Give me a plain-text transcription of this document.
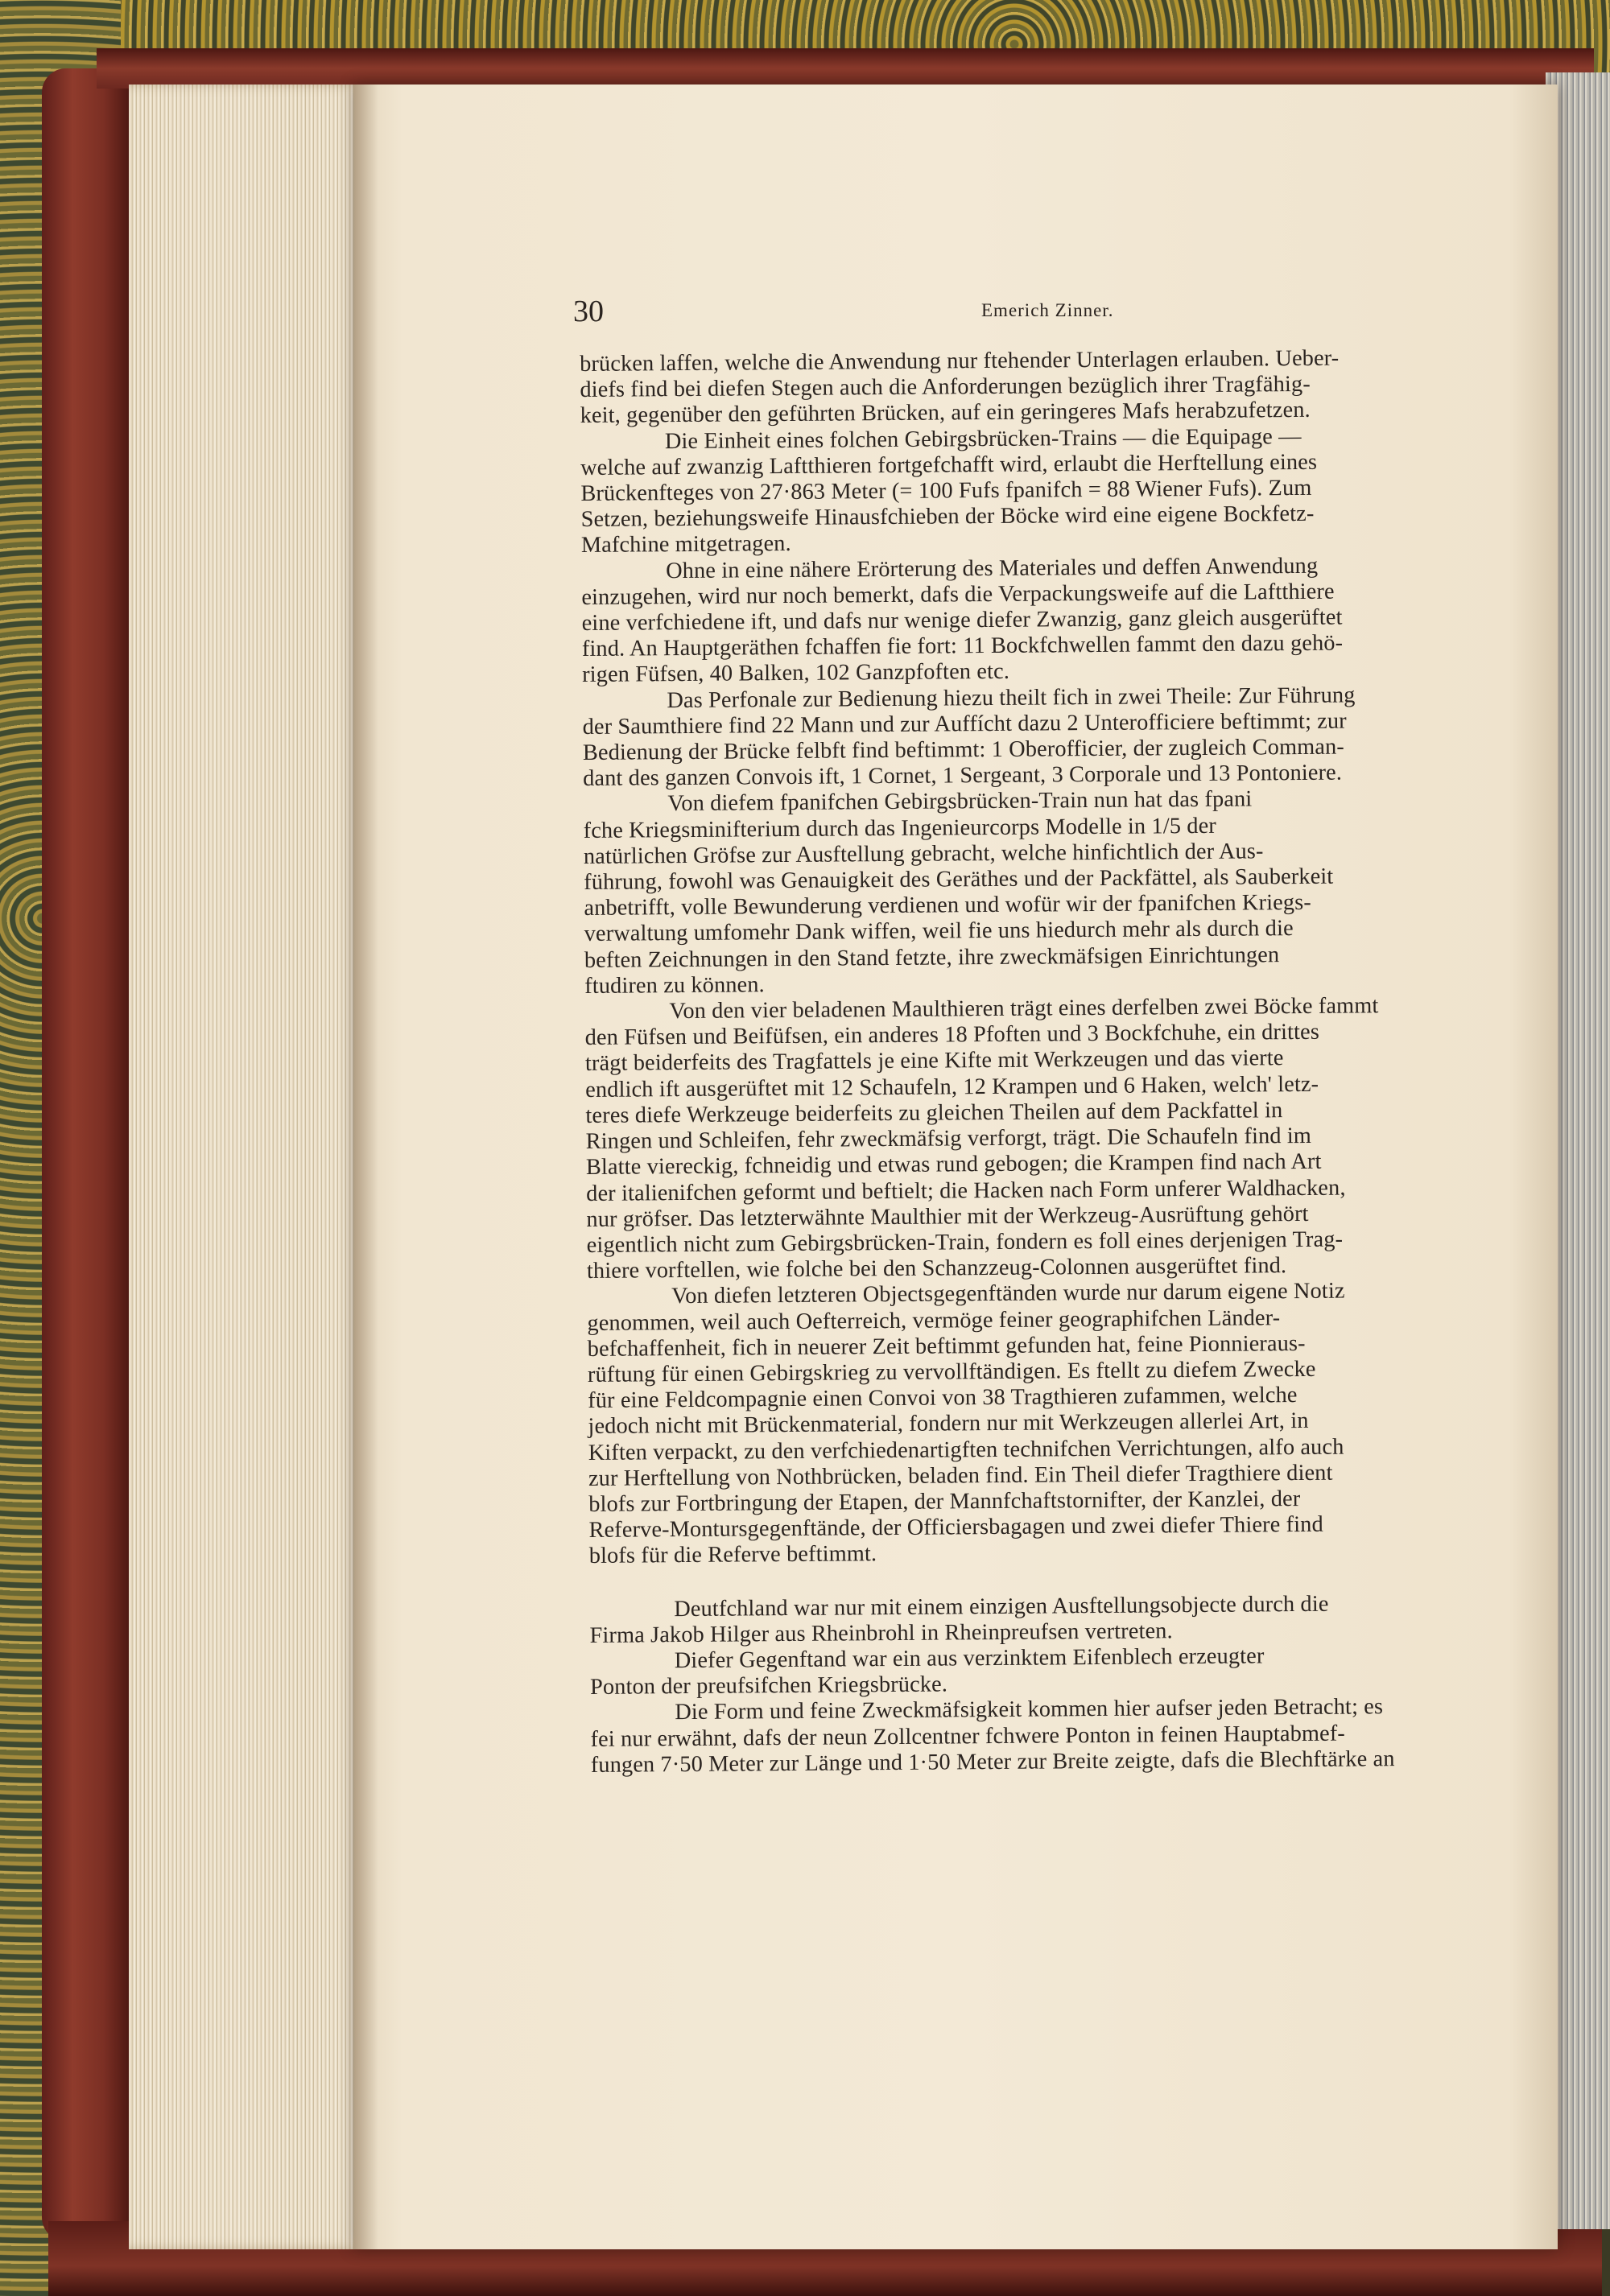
30	Emerich Zinner.
brücken laffen, welche die Anwendung nur ftehender Unterlagen erlauben. Ueber-
diefs find bei diefen Stegen auch die Anforderungen bezüglich ihrer Tragfähig-
keit, gegenüber den geführten Brücken, auf ein geringeres Mafs herabzufetzen.
Die Einheit eines folchen Gebirgsbrücken-Trains — die Equipage —
welche auf zwanzig Laftthieren fortgefchafft wird, erlaubt die Herftellung eines
Brückenfteges von 27·863 Meter (= 100 Fufs fpanifch = 88 Wiener Fufs). Zum
Setzen, beziehungsweife Hinausfchieben der Böcke wird eine eigene Bockfetz-
Mafchine mitgetragen.
Ohne in eine nähere Erörterung des Materiales und deffen Anwendung
einzugehen, wird nur noch bemerkt, dafs die Verpackungsweife auf die Laftthiere
eine verfchiedene ift, und dafs nur wenige diefer Zwanzig, ganz gleich ausgerüftet
find. An Hauptgeräthen fchaffen fie fort: 11 Bockfchwellen fammt den dazu gehö-
rigen Füfsen, 40 Balken, 102 Ganzpfoften etc.
Das Perfonale zur Bedienung hiezu theilt fich in zwei Theile: Zur Führung
der Saumthiere find 22 Mann und zur Auffícht dazu 2 Unterofficiere beftimmt; zur
Bedienung der Brücke felbft find beftimmt: 1 Oberofficier, der zugleich Comman-
dant des ganzen Convois ift, 1 Cornet, 1 Sergeant, 3 Corporale und 13 Pontoniere.
Von diefem fpanifchen Gebirgsbrücken-Train nun hat das fpani
fche Kriegsminifterium durch das Ingenieurcorps Modelle in 1/5 der
natürlichen Gröfse zur Ausftellung gebracht, welche hinfichtlich der Aus-
führung, fowohl was Genauigkeit des Geräthes und der Packfättel, als Sauberkeit
anbetrifft, volle Bewunderung verdienen und wofür wir der fpanifchen Kriegs-
verwaltung umfomehr Dank wiffen, weil fie uns hiedurch mehr als durch die
beften Zeichnungen in den Stand fetzte, ihre zweckmäfsigen Einrichtungen
ftudiren zu können.
Von den vier beladenen Maulthieren trägt eines derfelben zwei Böcke fammt
den Füfsen und Beifüfsen, ein anderes 18 Pfoften und 3 Bockfchuhe, ein drittes
trägt beiderfeits des Tragfattels je eine Kifte mit Werkzeugen und das vierte
endlich ift ausgerüftet mit 12 Schaufeln, 12 Krampen und 6 Haken, welch' letz-
teres diefe Werkzeuge beiderfeits zu gleichen Theilen auf dem Packfattel in
Ringen und Schleifen, fehr zweckmäfsig verforgt, trägt. Die Schaufeln find im
Blatte viereckig, fchneidig und etwas rund gebogen; die Krampen find nach Art
der italienifchen geformt und beftielt; die Hacken nach Form unferer Waldhacken,
nur gröfser. Das letzterwähnte Maulthier mit der Werkzeug-Ausrüftung gehört
eigentlich nicht zum Gebirgsbrücken-Train, fondern es foll eines derjenigen Trag-
thiere vorftellen, wie folche bei den Schanzzeug-Colonnen ausgerüftet find.
Von diefen letzteren Objectsgegenftänden wurde nur darum eigene Notiz
genommen, weil auch Oefterreich, vermöge feiner geographifchen Länder-
befchaffenheit, fich in neuerer Zeit beftimmt gefunden hat, feine Pionnieraus-
rüftung für einen Gebirgskrieg zu vervollftändigen. Es ftellt zu diefem Zwecke
für eine Feldcompagnie einen Convoi von 38 Tragthieren zufammen, welche
jedoch nicht mit Brückenmaterial, fondern nur mit Werkzeugen allerlei Art, in
Kiften verpackt, zu den verfchiedenartigften technifchen Verrichtungen, alfo auch
zur Herftellung von Nothbrücken, beladen find. Ein Theil diefer Tragthiere dient
blofs zur Fortbringung der Etapen, der Mannfchaftstornifter, der Kanzlei, der
Referve-Montursgegenftände, der Officiersbagagen und zwei diefer Thiere find
blofs für die Referve beftimmt.
Deutfchland war nur mit einem einzigen Ausftellungsobjecte durch die
Firma Jakob Hilger aus Rheinbrohl in Rheinpreufsen vertreten.
Diefer Gegenftand war ein aus verzinktem Eifenblech erzeugter
Ponton der preufsifchen Kriegsbrücke.
Die Form und feine Zweckmäfsigkeit kommen hier aufser jeden Betracht; es
fei nur erwähnt, dafs der neun Zollcentner fchwere Ponton in feinen Hauptabmef-
fungen 7·50 Meter zur Länge und 1·50 Meter zur Breite zeigte, dafs die Blechftärke an
